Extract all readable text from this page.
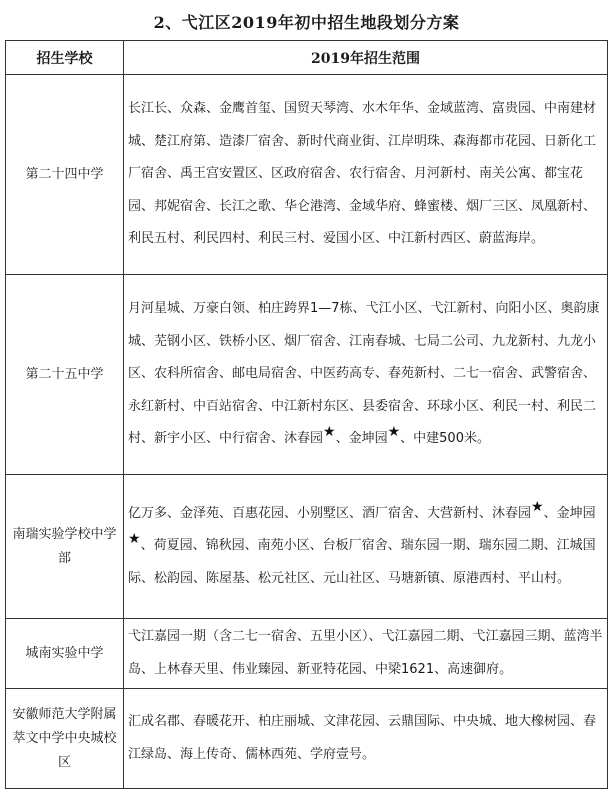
2、弋江区2019年初中招生地段划分方案
招生学校	2019年招生范围
第二十四中学	长江长、众森、金鹰首玺、国贸天琴湾、水木年华、金域蓝湾、富贵园、中南建材城、楚江府第、造漆厂宿舍、新时代商业街、江岸明珠、森海都市花园、日新化工厂宿舍、禹王宫安置区、区政府宿舍、农行宿舍、月河新村、南关公寓、都宝花园、邦妮宿舍、长江之歌、华仑港湾、金域华府、蜂蜜楼、烟厂三区、凤凰新村、利民五村、利民四村、利民三村、爱国小区、中江新村西区、蔚蓝海岸。
第二十五中学	月河星城、万豪白领、柏庄跨界1—7栋、弋江小区、弋江新村、向阳小区、奥韵康城、芜钢小区、铁桥小区、烟厂宿舍、江南春城、七局二公司、九龙新村、九龙小区、农科所宿舍、邮电局宿舍、中医药高专、春苑新村、二七一宿舍、武警宿舍、永红新村、中百站宿舍、中江新村东区、县委宿舍、环球小区、利民一村、利民二村、新宇小区、中行宿舍、沐春园★、金坤园★、中建500米。
南瑞实验学校中学部	亿万多、金泽苑、百惠花园、小别墅区、酒厂宿舍、大营新村、沐春园★、金坤园★、荷夏园、锦秋园、南苑小区、台板厂宿舍、瑞东园一期、瑞东园二期、江城国际、松韵园、陈屋基、松元社区、元山社区、马塘新镇、原港西村、平山村。
城南实验中学	弋江嘉园一期（含二七一宿舍、五里小区）、弋江嘉园二期、弋江嘉园三期、蓝湾半岛、上林春天里、伟业臻园、新亚特花园、中梁1621、高速御府。
安徽师范大学附属萃文中学中央城校区	汇成名郡、春暖花开、柏庄丽城、文津花园、云鼎国际、中央城、地大橡树园、春江绿岛、海上传奇、儒林西苑、学府壹号。
